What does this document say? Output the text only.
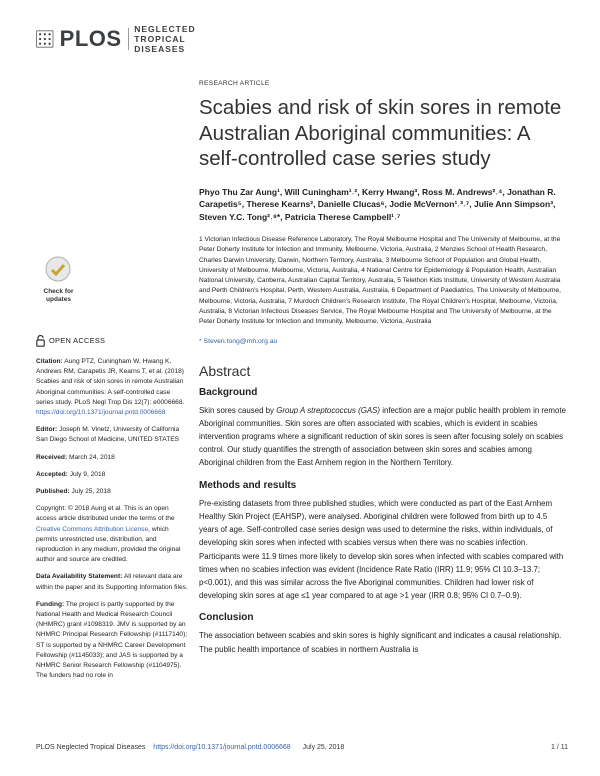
PLOS NEGLECTED
TROPICAL DISEASES
Check for
updates
OPEN ACCESS

Citation: Aung PTZ, Cuningham W, Hwang K, Andrews RM, Carapetis JR, Kearns T, et al. (2018) Scabies and risk of skin sores in remote Australian Aboriginal communities: A self-controlled case series study. PLoS Negl Trop Dis 12(7): e0006668. https://doi.org/10.1371/journal.pntd.0006668

Editor: Joseph M. Vinetz, University of California San Diego School of Medicine, UNITED STATES

Received: March 24, 2018

Accepted: July 9, 2018

Published: July 25, 2018

Copyright: © 2018 Aung et al. This is an open access article distributed under the terms of the Creative Commons Attribution License, which permits unrestricted use, distribution, and reproduction in any medium, provided the original author and source are credited.

Data Availability Statement: All relevant data are within the paper and its Supporting Information files.

Funding: The project is partly supported by the National Health and Medical Research Council (NHMRC) grant #1098319. JMV is supported by an NHMRC Principal Research Fellowship (#1117140); ST is supported by a NHMRC Career Development Fellowship (#1145033); and JAS is supported by a NHMRC Senior Research Fellowship (#1104975). The funders had no role in

RESEARCH ARTICLE

Scabies and risk of skin sores in remote Australian Aboriginal communities: A self-controlled case series study

Phyo Thu Zar Aung¹, Will Cuningham¹˒², Kerry Hwang³, Ross M. Andrews²˒⁴, Jonathan R. Carapetis⁵, Therese Kearns², Danielle Clucas⁶, Jodie McVernon¹˒³˒⁷, Julie Ann Simpson³, Steven Y.C. Tong²˒⁸*, Patricia Therese Campbell¹˒⁷

1 Victorian Infectious Disease Reference Laboratory, The Royal Melbourne Hospital and The University of Melbourne, at the Peter Doherty Institute for Infection and Immunity, Melbourne, Victoria, Australia, 2 Menzies School of Health Research, Charles Darwin University, Darwin, Northern Territory, Australia, 3 Melbourne School of Population and Global Health, University of Melbourne, Melbourne, Victoria, Australia, 4 National Centre for Epidemiology & Population Health, Australian National University, Canberra, Australian Capital Territory, Australia, 5 Telethon Kids Institute, University of Western Australia and Perth Children's Hospital, Perth, Western Australia, Australia, 6 Department of Paediatrics, The University of Melbourne, Melbourne, Victoria, Australia, 7 Murdoch Children's Research Institute, The Royal Children's Hospital, Melbourne, Victoria, Australia, 8 Victorian Infectious Diseases Service, The Royal Melbourne Hospital and The University of Melbourne, at the Peter Doherty Institute for Infection and Immunity, Melbourne, Victoria, Australia

* Steven.tong@mh.org.au

Abstract
Background

Skin sores caused by Group A streptococcus (GAS) infection are a major public health problem in remote Aboriginal communities. Skin sores are often associated with scabies, which is evident in scabies intervention programs where a significant reduction of skin sores is seen after focusing solely on scabies control. Our study quantifies the strength of association between skin sores and scabies among Aboriginal children from the East Arnhem region in the Northern Territory.

Methods and results

Pre-existing datasets from three published studies, which were conducted as part of the East Arnhem Healthy Skin Project (EAHSP), were analysed. Aboriginal children were followed from birth up to 4.5 years of age. Self-controlled case series design was used to determine the risks, within individuals, of developing skin sores when infected with scabies versus when there was no scabies infection. Participants were 11.9 times more likely to develop skin sores when infected with scabies compared with times when no scabies infection was evident (Incidence Rate Ratio (IRR) 11.9; 95% CI 10.3–13.7; p<0.001), and this was similar across the five Aboriginal communities. Children had lower risk of developing skin sores at age ≤1 year compared to at age >1 year (IRR 0.8; 95% CI 0.7–0.9).

Conclusion

The association between scabies and skin sores is highly significant and indicates a causal relationship. The public health importance of scabies in northern Australia is

PLOS Neglected Tropical Diseases https://doi.org/10.1371/journal.pntd.0006668 July 25, 2018	1 / 11
